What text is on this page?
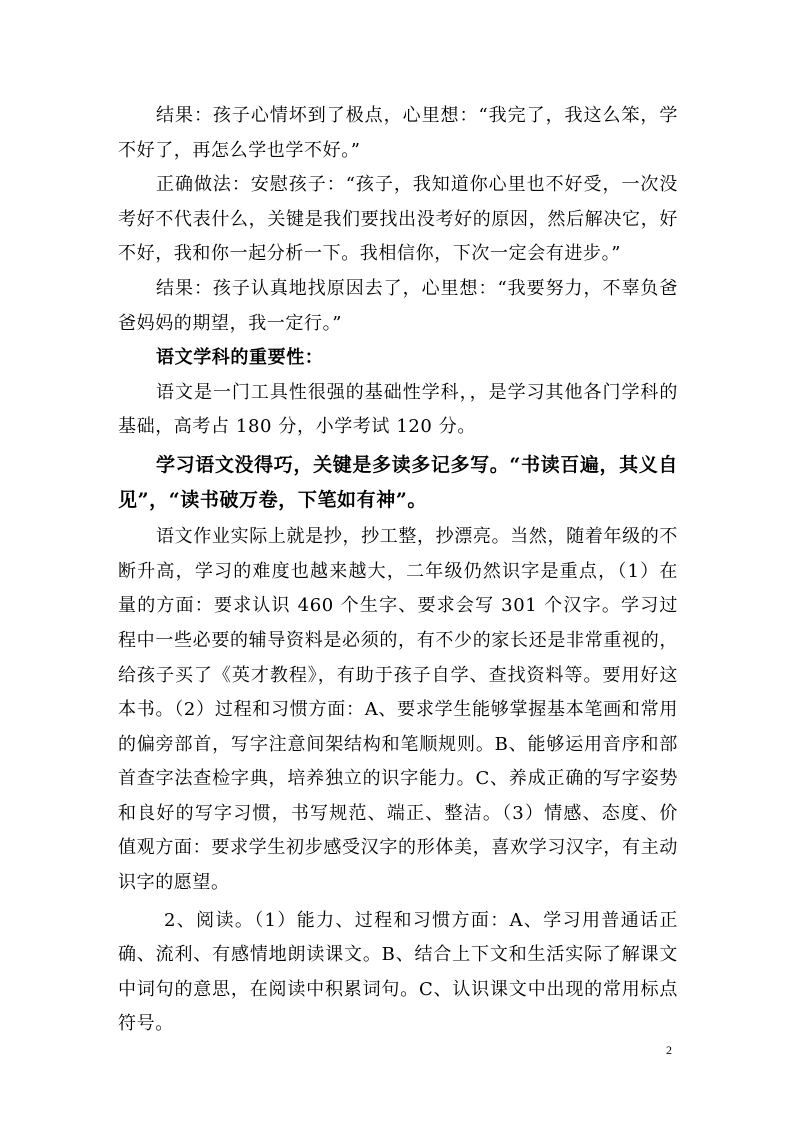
结果：孩子心情坏到了极点，心里想：“我完了，我这么笨，学不好了，再怎么学也学不好。”

正确做法：安慰孩子：“孩子，我知道你心里也不好受，一次没考好不代表什么，关键是我们要找出没考好的原因，然后解决它，好不好，我和你一起分析一下。我相信你，下次一定会有进步。”

结果：孩子认真地找原因去了，心里想：“我要努力，不辜负爸爸妈妈的期望，我一定行。”

语文学科的重要性：

语文是一门工具性很强的基础性学科，，是学习其他各门学科的基础，高考占 180 分，小学考试 120 分。

学习语文没得巧，关键是多读多记多写。“书读百遍，其义自见”，“读书破万卷，下笔如有神”。

语文作业实际上就是抄，抄工整，抄漂亮。当然，随着年级的不断升高，学习的难度也越来越大，二年级仍然识字是重点，（1）在量的方面：要求认识 460 个生字、要求会写 301 个汉字。学习过程中一些必要的辅导资料是必须的，有不少的家长还是非常重视的，给孩子买了《英才教程》，有助于孩子自学、查找资料等。要用好这本书。（2）过程和习惯方面：A、要求学生能够掌握基本笔画和常用的偏旁部首，写字注意间架结构和笔顺规则。B、能够运用音序和部首查字法查检字典，培养独立的识字能力。C、养成正确的写字姿势和良好的写字习惯，书写规范、端正、整洁。（3）情感、态度、价值观方面：要求学生初步感受汉字的形体美，喜欢学习汉字，有主动识字的愿望。

2、阅读。（1）能力、过程和习惯方面：A、学习用普通话正确、流利、有感情地朗读课文。B、结合上下文和生活实际了解课文中词句的意思，在阅读中积累词句。C、认识课文中出现的常用标点符号。

2
